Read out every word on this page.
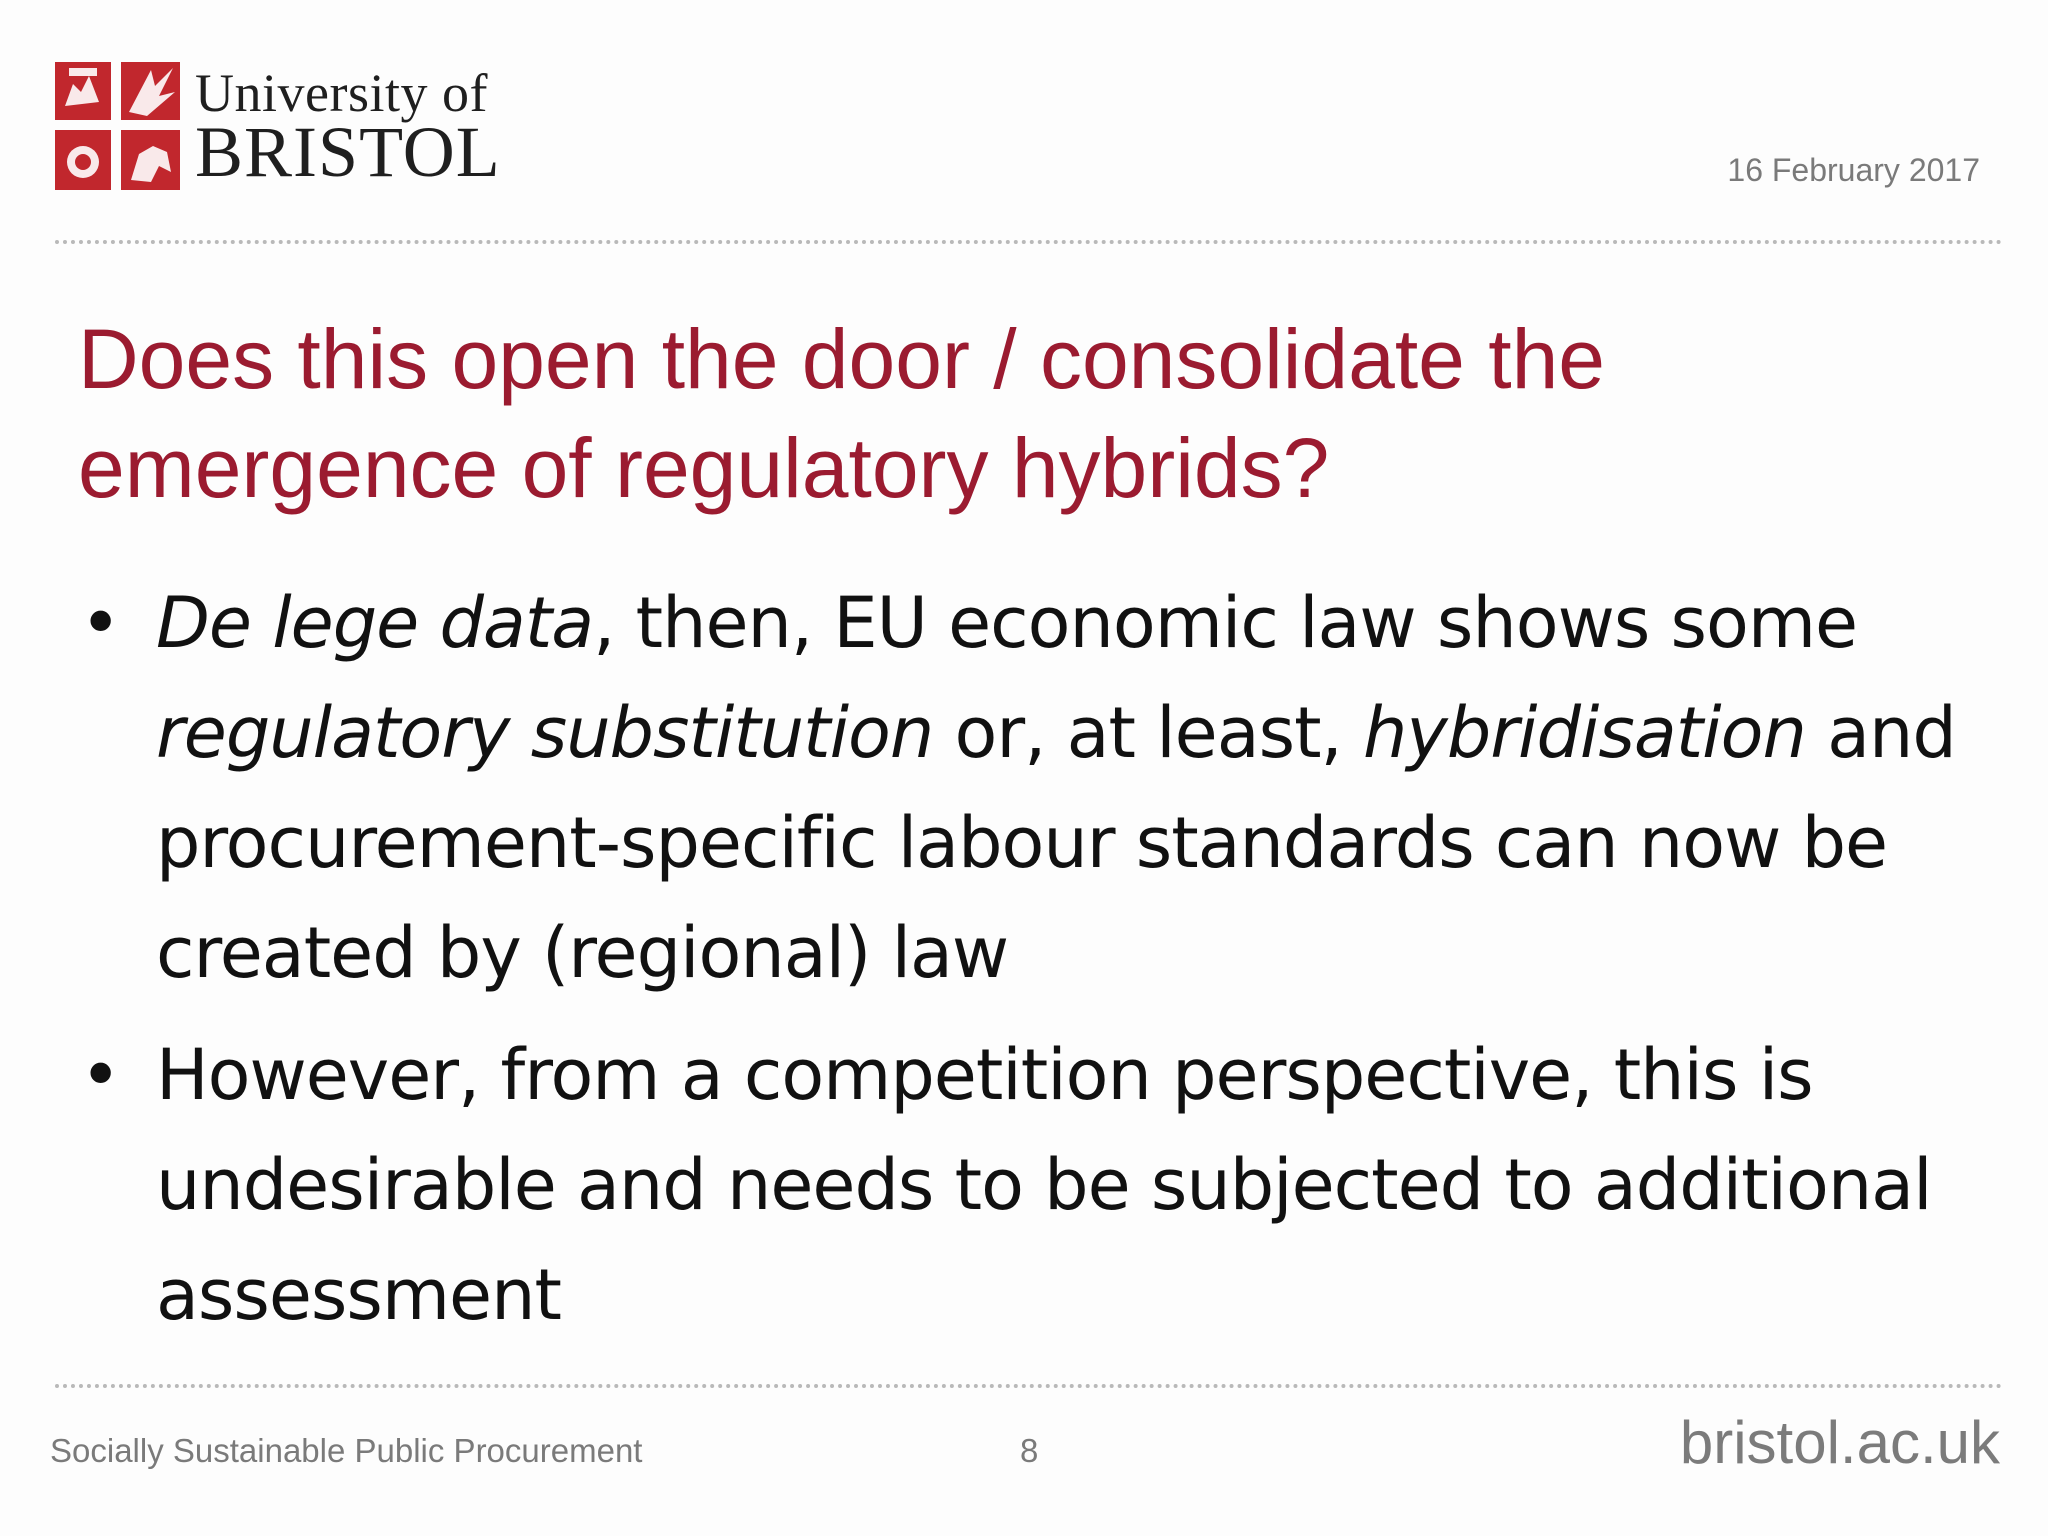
University of
BRISTOL	16 February 2017
Does this open the door / consolidate the
emergence of regulatory hybrids?
• De lege data, then, EU economic law shows some regulatory substitution or, at least, hybridisation and procurement-specific labour standards can now be created by (regional) law
• However, from a competition perspective, this is undesirable and needs to be subjected to additional assessment
Socially Sustainable Public Procurement	8	bristol.ac.uk
